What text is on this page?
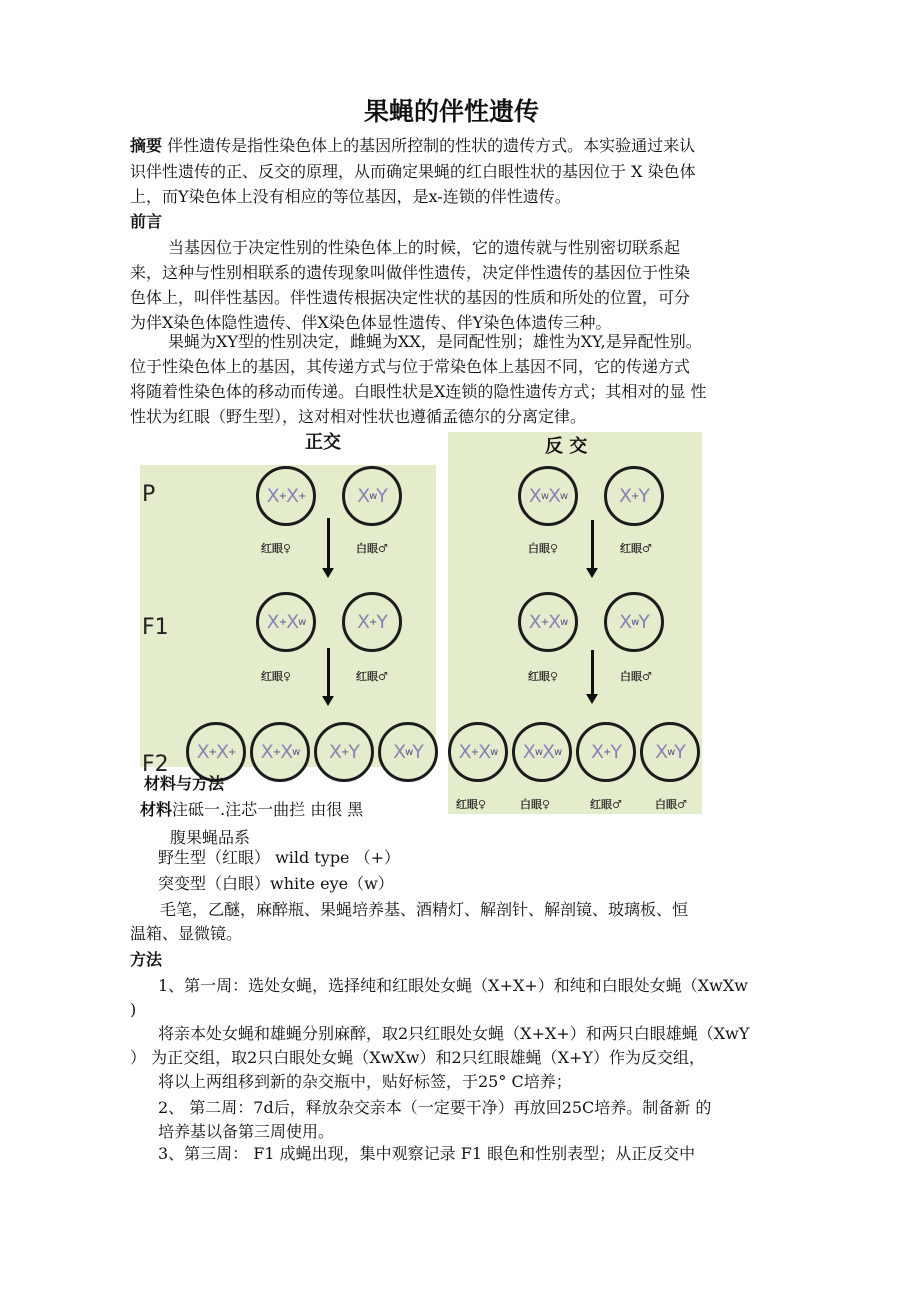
果蝇的伴性遗传
摘要 伴性遗传是指性染色体上的基因所控制的性状的遗传方式。本实验通过来认
识伴性遗传的正、反交的原理，从而确定果蝇的红白眼性状的基因位于 X 染色体
上，而Y染色体上没有相应的等位基因，是x-连锁的伴性遗传。
前言
当基因位于决定性别的性染色体上的时候，它的遗传就与性别密切联系起
来，这种与性别相联系的遗传现象叫做伴性遗传，决定伴性遗传的基因位于性染
色体上，叫伴性基因。伴性遗传根据决定性状的基因的性质和所处的位置，可分
为伴X染色体隐性遗传、伴X染色体显性遗传、伴Y染色体遗传三种。
果蝇为XY型的性别决定，雌蝇为XX，是同配性别；雄性为XY,是异配性别。
位于性染色体上的基因，其传递方式与位于常染色体上基因不同，它的传递方式
将随着性染色体的移动而传递。白眼性状是X连锁的隐性遗传方式；其相对的显 性
性状为红眼（野生型），这对相对性状也遵循孟德尔的分离定律。
正交
P
F1
F2
X + X +	X w Y
红眼♀	白眼♂
X + X w	X + Y
红眼♀	红眼♂
X + X + X + X w X + Y X w Y
反 交
X w X w	X + Y
白眼♀	红眼♂
X + X w	X w Y
红眼♀	白眼♂
X + X w X w X w X + Y X w Y
红眼♀	白眼♀	红眼♂	白眼♂
材料与方法
材料注砥一.注芯一曲拦 由很 黑
腹果蝇品系
野生型（红眼） wild type （+）
突变型（白眼）white eye（w）
毛笔，乙醚，麻醉瓶、果蝇培养基、酒精灯、解剖针、解剖镜、玻璃板、恒
温箱、显微镜。
方法
1、第一周：选处女蝇，选择纯和红眼处女蝇（X+X+）和纯和白眼处女蝇（XwXw
)
将亲本处女蝇和雄蝇分别麻醉，取2只红眼处女蝇（X+X+）和两只白眼雄蝇（XwY
） 为正交组，取2只白眼处女蝇（XwXw）和2只红眼雄蝇（X+Y）作为反交组，
将以上两组移到新的杂交瓶中，贴好标签，于25° C培养；
2、 第二周：7d后，释放杂交亲本（一定要干净）再放回25C培养。制备新 的
培养基以备第三周使用。
3、第三周： F1 成蝇出现，集中观察记录 F1 眼色和性别表型；从正反交中
